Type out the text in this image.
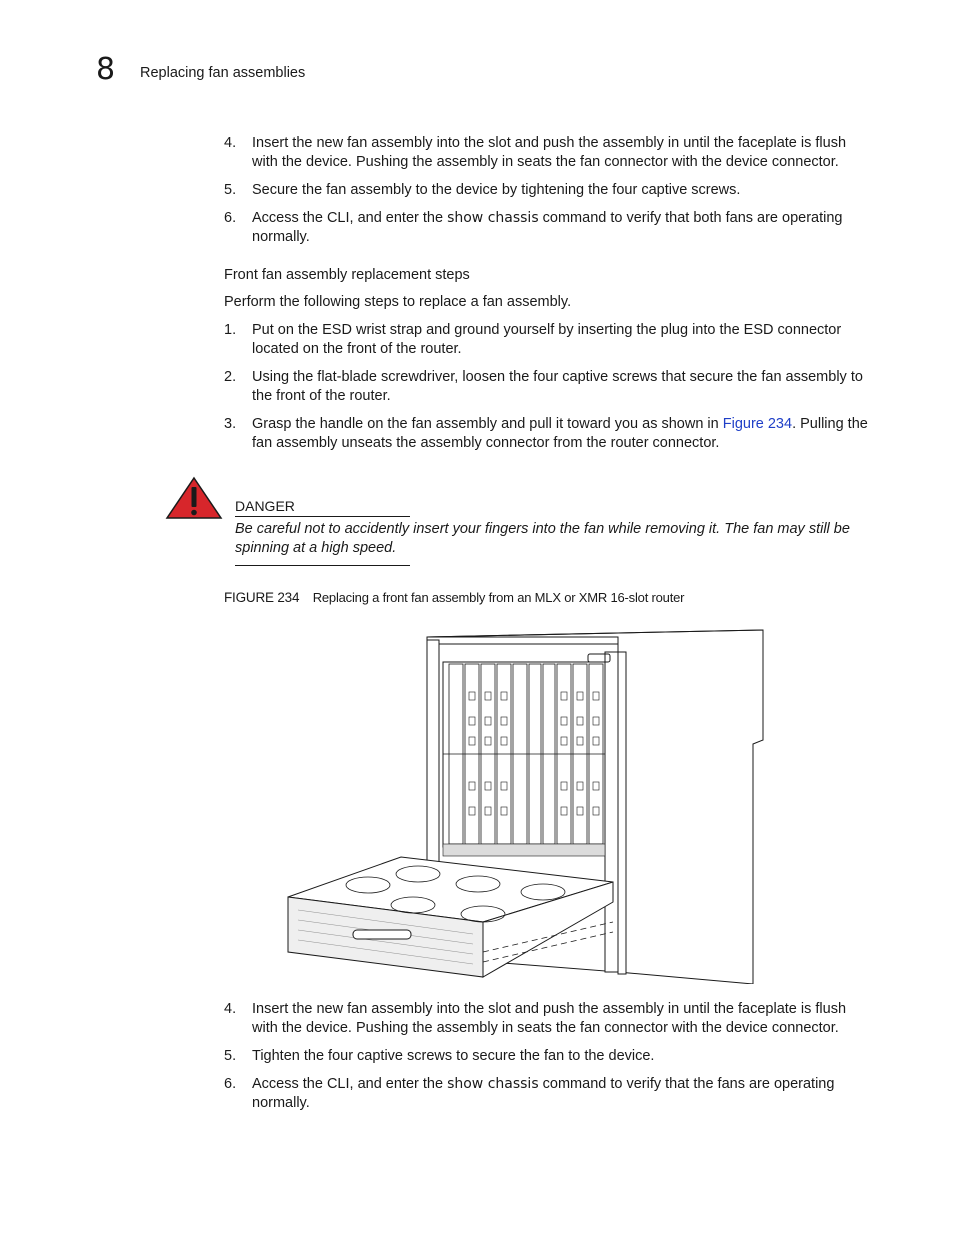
8 Replacing fan assemblies
4. Insert the new fan assembly into the slot and push the assembly in until the faceplate is flush with the device. Pushing the assembly in seats the fan connector with the device connector.
5. Secure the fan assembly to the device by tightening the four captive screws.
6. Access the CLI, and enter the show chassis command to verify that both fans are operating normally.
Front fan assembly replacement steps
Perform the following steps to replace a fan assembly.
1. Put on the ESD wrist strap and ground yourself by inserting the plug into the ESD connector located on the front of the router.
2. Using the flat-blade screwdriver, loosen the four captive screws that secure the fan assembly to the front of the router.
3. Grasp the handle on the fan assembly and pull it toward you as shown in Figure 234. Pulling the fan assembly unseats the assembly connector from the router connector.
DANGER
Be careful not to accidently insert your fingers into the fan while removing it. The fan may still be spinning at a high speed.
FIGURE 234 Replacing a front fan assembly from an MLX or XMR 16-slot router
4. Insert the new fan assembly into the slot and push the assembly in until the faceplate is flush with the device. Pushing the assembly in seats the fan connector with the device connector.
5. Tighten the four captive screws to secure the fan to the device.
6. Access the CLI, and enter the show chassis command to verify that the fans are operating normally.
